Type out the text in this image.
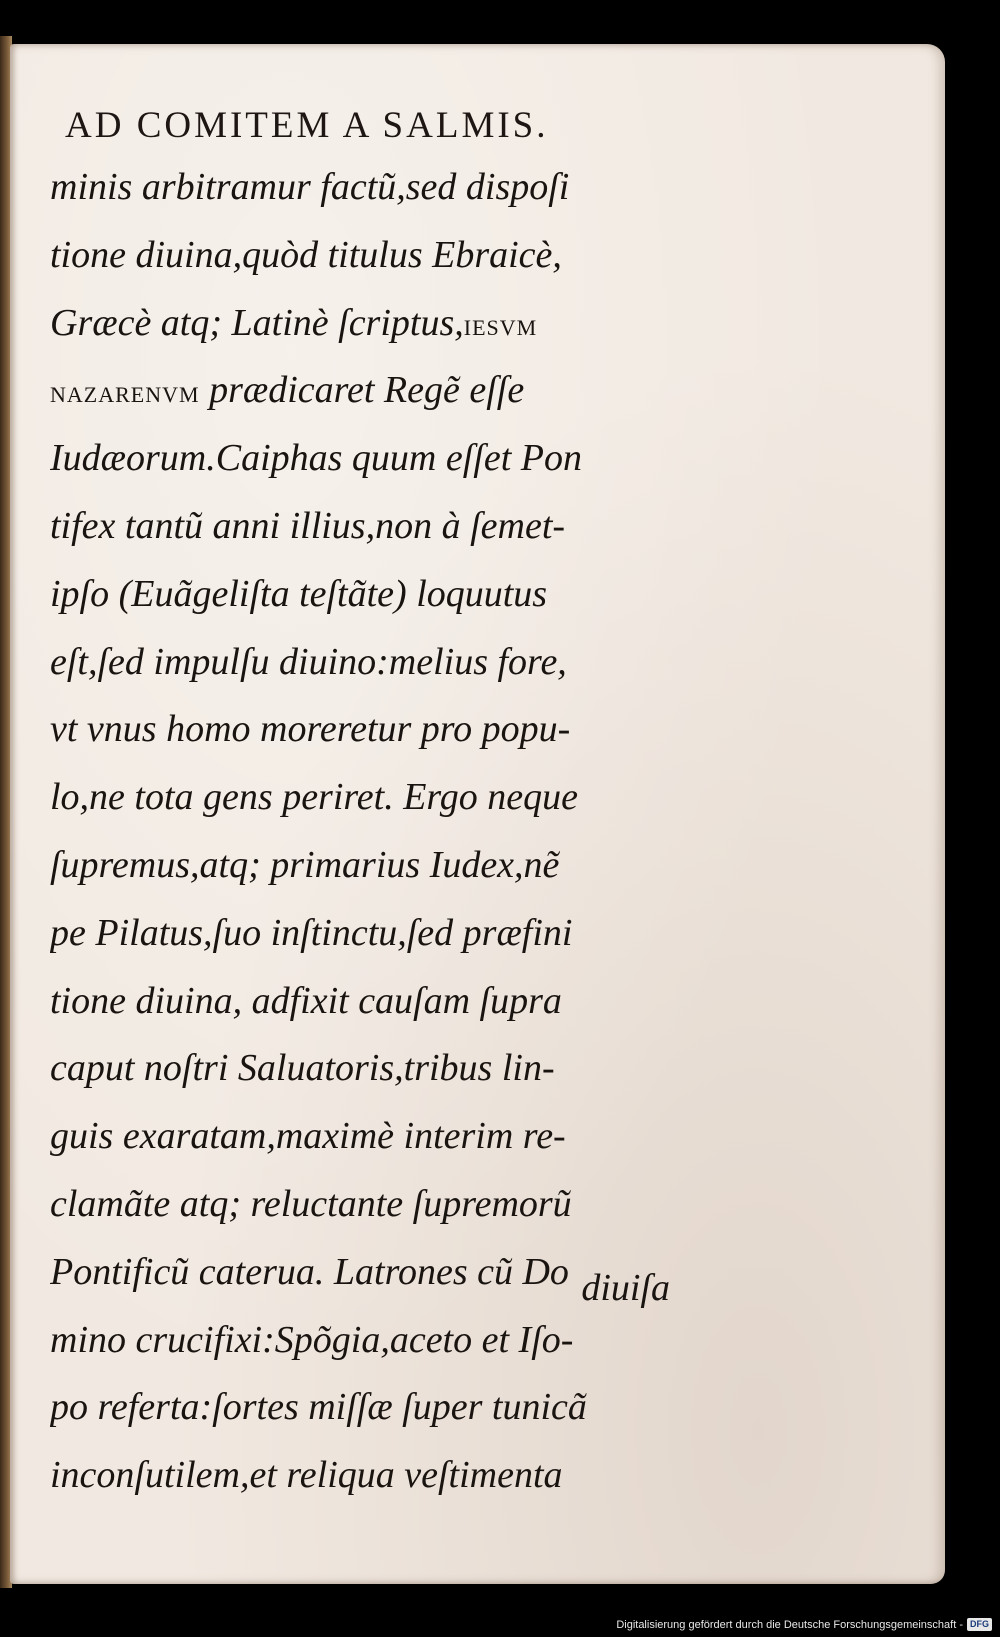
AD COMITEM A SALMIS.
minis arbitramur factũ,sed dispoſi
tione diuina,quòd titulus Ebraicè,
Græcè atq; Latinè ſcriptus,IESVM
NAZARENVM prædicaret Regẽ eſſe
Iudæorum.Caiphas quum eſſet Pon
tifex tantũ anni illius,non à ſemet-
ipſo (Euãgeliſta teſtãte) loquutus
eſt,ſed impulſu diuino:melius fore,
vt vnus homo moreretur pro popu-
lo,ne tota gens periret. Ergo neque
ſupremus,atq; primarius Iudex,nẽ
pe Pilatus,ſuo inſtinctu,ſed præfini
tione diuina, adfixit cauſam ſupra
caput noſtri Saluatoris,tribus lin-
guis exaratam,maximè interim re-
clamãte atq; reluctante ſupremorũ
Pontificũ caterua. Latrones cũ Do
mino crucifixi:Spõgia,aceto et Iſo-
po referta:ſortes miſſæ ſuper tunicã
inconſutilem,et reliqua veſtimenta
diuiſa
Digitalisierung gefördert durch die Deutsche Forschungsgemeinschaft - DFG
